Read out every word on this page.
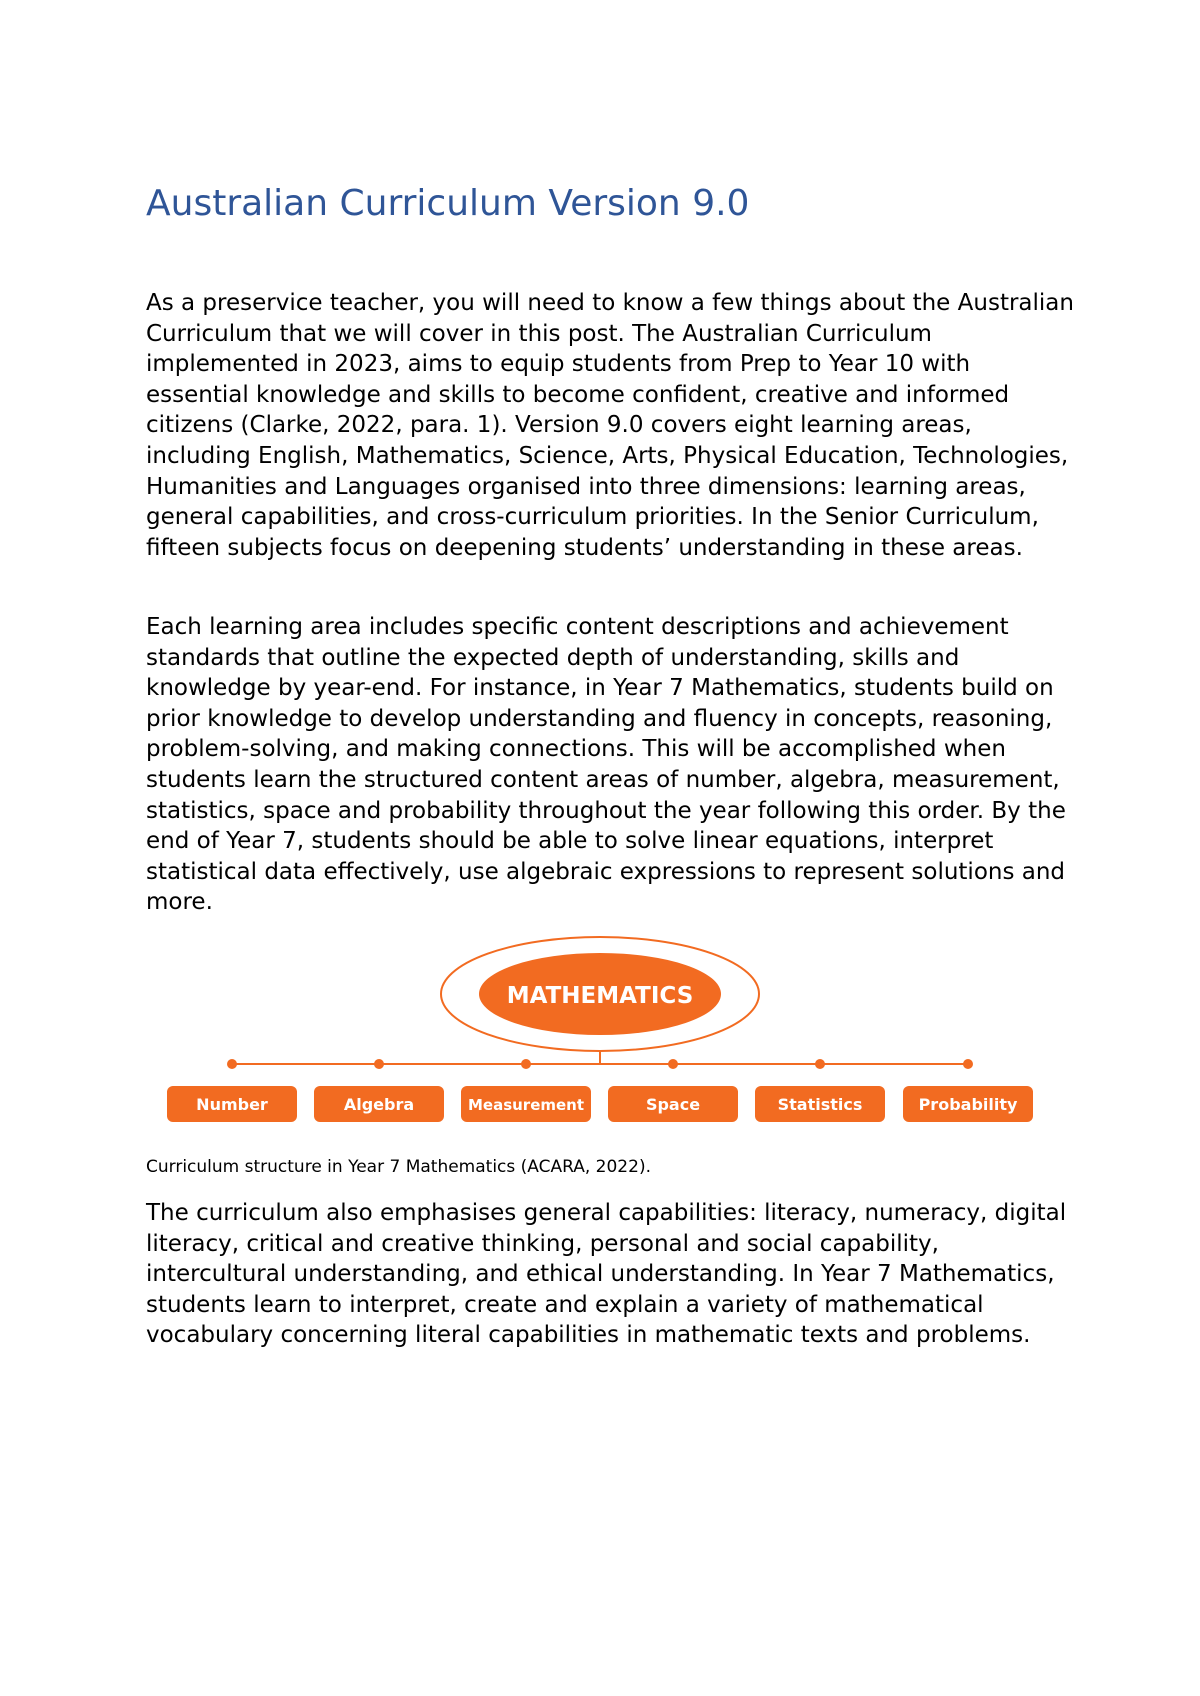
Australian Curriculum Version 9.0

As a preservice teacher, you will need to know a few things about the Australian Curriculum that we will cover in this post. The Australian Curriculum implemented in 2023, aims to equip students from Prep to Year 10 with essential knowledge and skills to become confident, creative and informed citizens (Clarke, 2022, para. 1). Version 9.0 covers eight learning areas, including English, Mathematics, Science, Arts, Physical Education, Technologies, Humanities and Languages organised into three dimensions: learning areas, general capabilities, and cross-curriculum priorities. In the Senior Curriculum, fifteen subjects focus on deepening students’ understanding in these areas.

Each learning area includes specific content descriptions and achievement standards that outline the expected depth of understanding, skills and knowledge by year-end. For instance, in Year 7 Mathematics, students build on prior knowledge to develop understanding and fluency in concepts, reasoning, problem-solving, and making connections. This will be accomplished when students learn the structured content areas of number, algebra, measurement, statistics, space and probability throughout the year following this order. By the end of Year 7, students should be able to solve linear equations, interpret statistical data effectively, use algebraic expressions to represent solutions and more.

MATHEMATICS
Number	Algebra	Measurement	Space	Statistics	Probability

Curriculum structure in Year 7 Mathematics (ACARA, 2022).

The curriculum also emphasises general capabilities: literacy, numeracy, digital literacy, critical and creative thinking, personal and social capability, intercultural understanding, and ethical understanding. In Year 7 Mathematics, students learn to interpret, create and explain a variety of mathematical vocabulary concerning literal capabilities in mathematic texts and problems.
